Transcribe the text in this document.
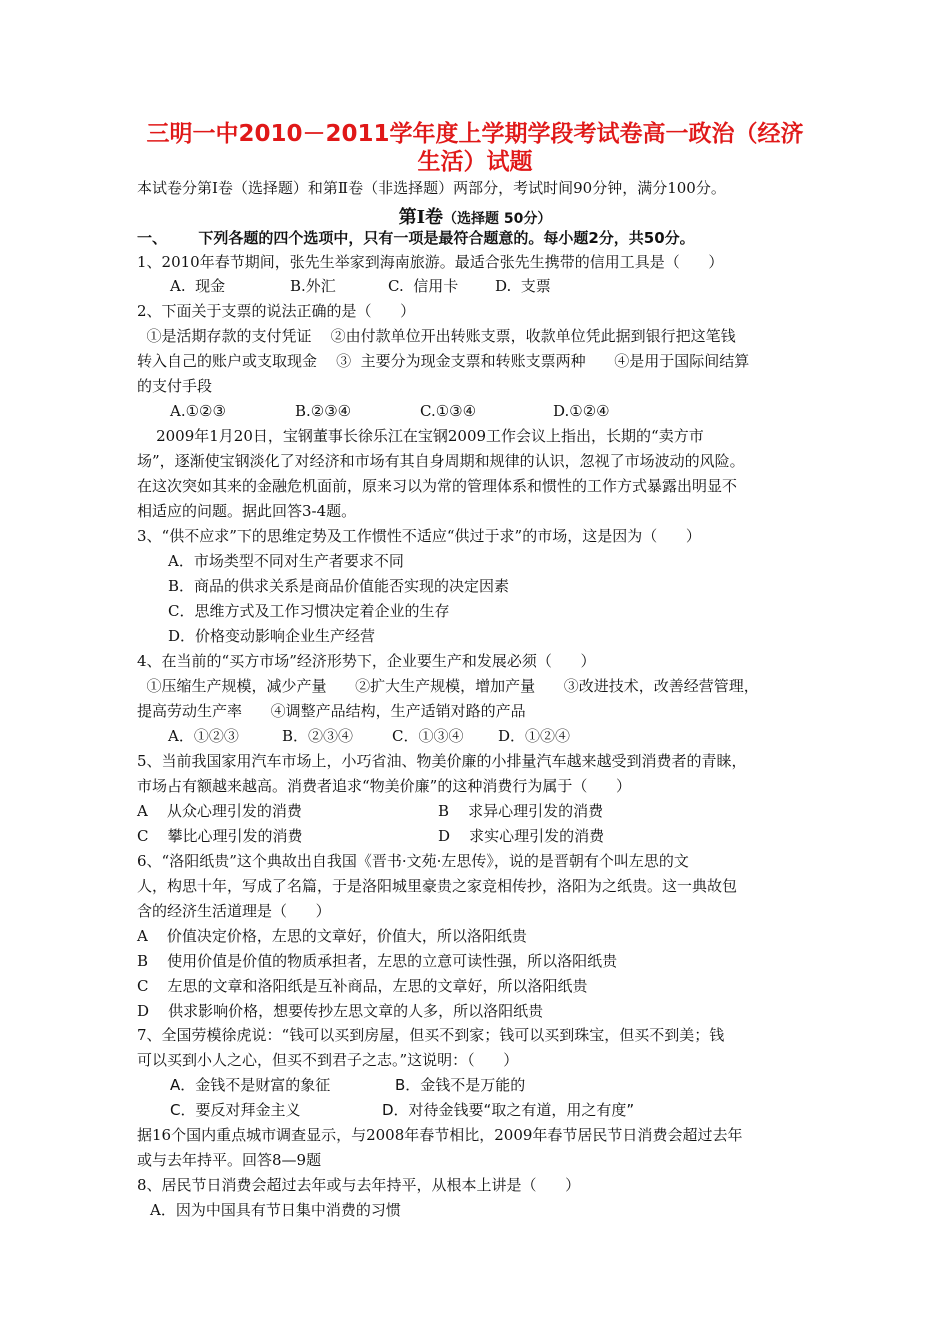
三明一中2010－2011学年度上学期学段考试卷高一政治（经济
生活）试题
本试卷分第Ⅰ卷（选择题）和第Ⅱ卷（非选择题）两部分，考试时间90分钟，满分100分。
第Ⅰ卷（选择题 50分）
一、      下列各题的四个选项中，只有一项是最符合题意的。每小题2分，共50分。
1、2010年春节期间，张先生举家到海南旅游。最适合张先生携带的信用工具是（      ）
A.  现金	B.外汇	C.  信用卡 D.  支票
2、下面关于支票的说法正确的是（      ）
①是活期存款的支付凭证    ②由付款单位开出转账支票，收款单位凭此据到银行把这笔钱
转入自己的账户或支取现金    ③  主要分为现金支票和转账支票两种      ④是用于国际间结算
的支付手段
A.①②③	B.②③④	C.①③④	D.①②④
2009年1月20日，宝钢董事长徐乐江在宝钢2009工作会议上指出，长期的“卖方市
场”，逐渐使宝钢淡化了对经济和市场有其自身周期和规律的认识，忽视了市场波动的风险。
在这次突如其来的金融危机面前，原来习以为常的管理体系和惯性的工作方式暴露出明显不
相适应的问题。据此回答3-4题。
3、“供不应求”下的思维定势及工作惯性不适应“供过于求”的市场，这是因为（      ）
A．市场类型不同对生产者要求不同
B．商品的供求关系是商品价值能否实现的决定因素
C．思维方式及工作习惯决定着企业的生存
D．价格变动影响企业生产经营
4、在当前的“买方市场”经济形势下，企业要生产和发展必须（      ）
①压缩生产规模，减少产量      ②扩大生产规模，增加产量      ③改进技术，改善经营管理，
提高劳动生产率      ④调整产品结构，生产适销对路的产品
A．①②③	B．②③④	C．①③④ D．①②④
5、当前我国家用汽车市场上，小巧省油、物美价廉的小排量汽车越来越受到消费者的青睐，
市场占有额越来越高。消费者追求“物美价廉”的这种消费行为属于（      ）
A    从众心理引发的消费	B    求异心理引发的消费
C    攀比心理引发的消费	D    求实心理引发的消费
6、“洛阳纸贵”这个典故出自我国《晋书·文苑·左思传》，说的是晋朝有个叫左思的文
人，构思十年，写成了名篇，于是洛阳城里豪贵之家竞相传抄，洛阳为之纸贵。这一典故包
含的经济生活道理是（      ）
A    价值决定价格，左思的文章好，价值大，所以洛阳纸贵
B    使用价值是价值的物质承担者，左思的立意可读性强，所以洛阳纸贵
C    左思的文章和洛阳纸是互补商品，左思的文章好，所以洛阳纸贵
D    供求影响价格，想要传抄左思文章的人多，所以洛阳纸贵
7、全国劳模徐虎说：“钱可以买到房屋，但买不到家；钱可以买到珠宝，但买不到美；钱
可以买到小人之心，但买不到君子之志。”这说明：（      ）
A．金钱不是财富的象征	B．金钱不是万能的
C．要反对拜金主义	D．对待金钱要“取之有道，用之有度”
据16个国内重点城市调查显示，与2008年春节相比，2009年春节居民节日消费会超过去年
或与去年持平。回答8—9题
8、居民节日消费会超过去年或与去年持平，从根本上讲是（      ）
A．因为中国具有节日集中消费的习惯
